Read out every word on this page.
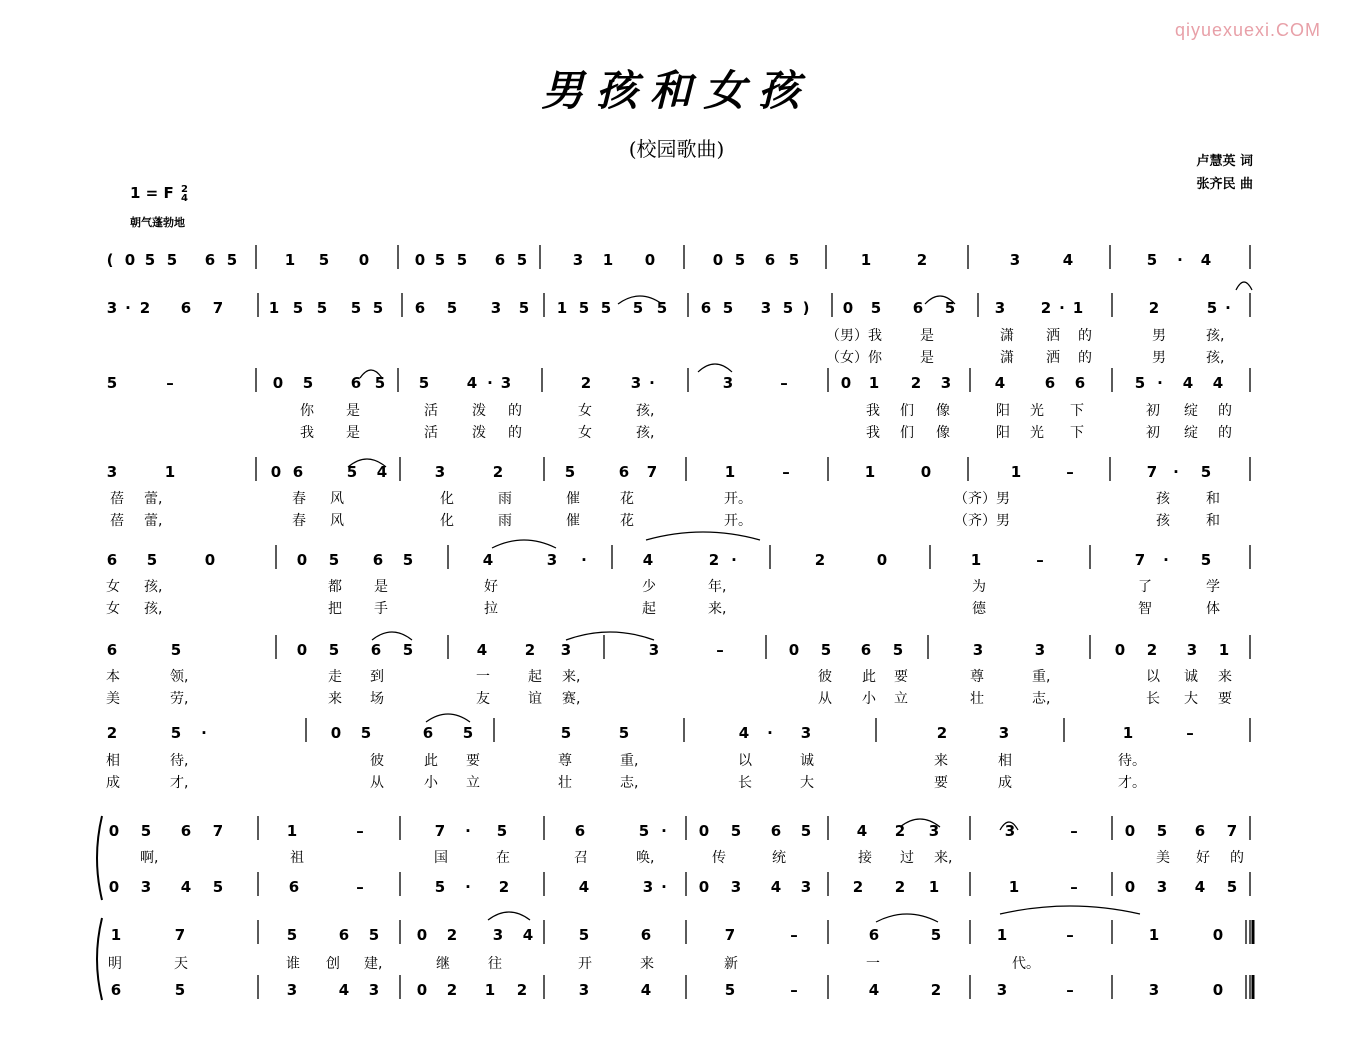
qiyuexuexi.COM
男孩和女孩
(校园歌曲)
卢慧英 词
张齐民 曲
1 = F 2
4
朝气蓬勃地
( 0 5 5 6 5	1 5 0	0 5 5 6 5	3 1 0	0 5 6 5	1	2	3	4	5 · 4
3 · 2 6 7	1 5 5 5 5 6 5 3 5 1 5 5 5 5 6 5 3 5 ) 0 5 6 5	3 2 · 1	2	5 ·
（男）我	是	潇 洒 的	男	孩,
（女）你	是	潇 洒 的	男	孩,
5	–	0 5	6 5 5	4 · 3	2	3 ·	3	–	0 1 2 3	4	6 6	5 · 4 4
你 是	活 泼 的	女	孩,	我 们 像	阳 光 下	初 绽 的
我 是	活 泼 的	女	孩,	我 们 像	阳 光 下	初 绽 的
3	1	0 6	5 4	3	2	5	6 7	1	–	1	0	1	–	7 · 5
蓓 蕾,	春 风	化	雨	催	花	开。	（齐）男	孩	和
蓓 蕾,	春 风	化	雨	催	花	开。	（齐）男	孩	和
6 5	0	0 5 6 5	4	3 ·	4	2 ·	2	0	1	–	7 · 5
女 孩,	都 是	好	少	年,	为	了	学
女 孩,	把 手	拉	起	来,	德	智	体
6	5	0 5 6 5	4	2 3	3	–	0 5 6 5	3	3	0 2 3 1
本	领,	走 到	一	起 来,	彼 此 要	尊	重,	以 诚 来
美	劳,	来 场	友	谊 赛,	从 小 立	壮	志,	长 大 要
2	5 ·	0 5	6 5	5	5	4 · 3	2	3	1	–
相	待,	彼	此 要	尊	重,	以	诚	来	相	待。
成	才,	从	小 立	壮	志,	长	大	要	成	才。
0 5 6 7	1	–	7 · 5	6	5 · 0 5 6 5	4 2 3	3	–	0 5 6 7
啊,	祖	国	在	召	唤,	传	统	接 过 来,	美 好 的
0 3 4 5	6	–	5 · 2	4	3 · 0 3 4 3	2 2 1	1	–	0 3 4 5
1	7	5	6 5	0 2 3 4	5	6	7	–	6	5	1	–	1	0
明	天	谁 创 建,	继	往	开	来	新	一	代。
6	5	3	4 3	0 2 1 2	3	4	5	–	4	2	3	–	3	0
